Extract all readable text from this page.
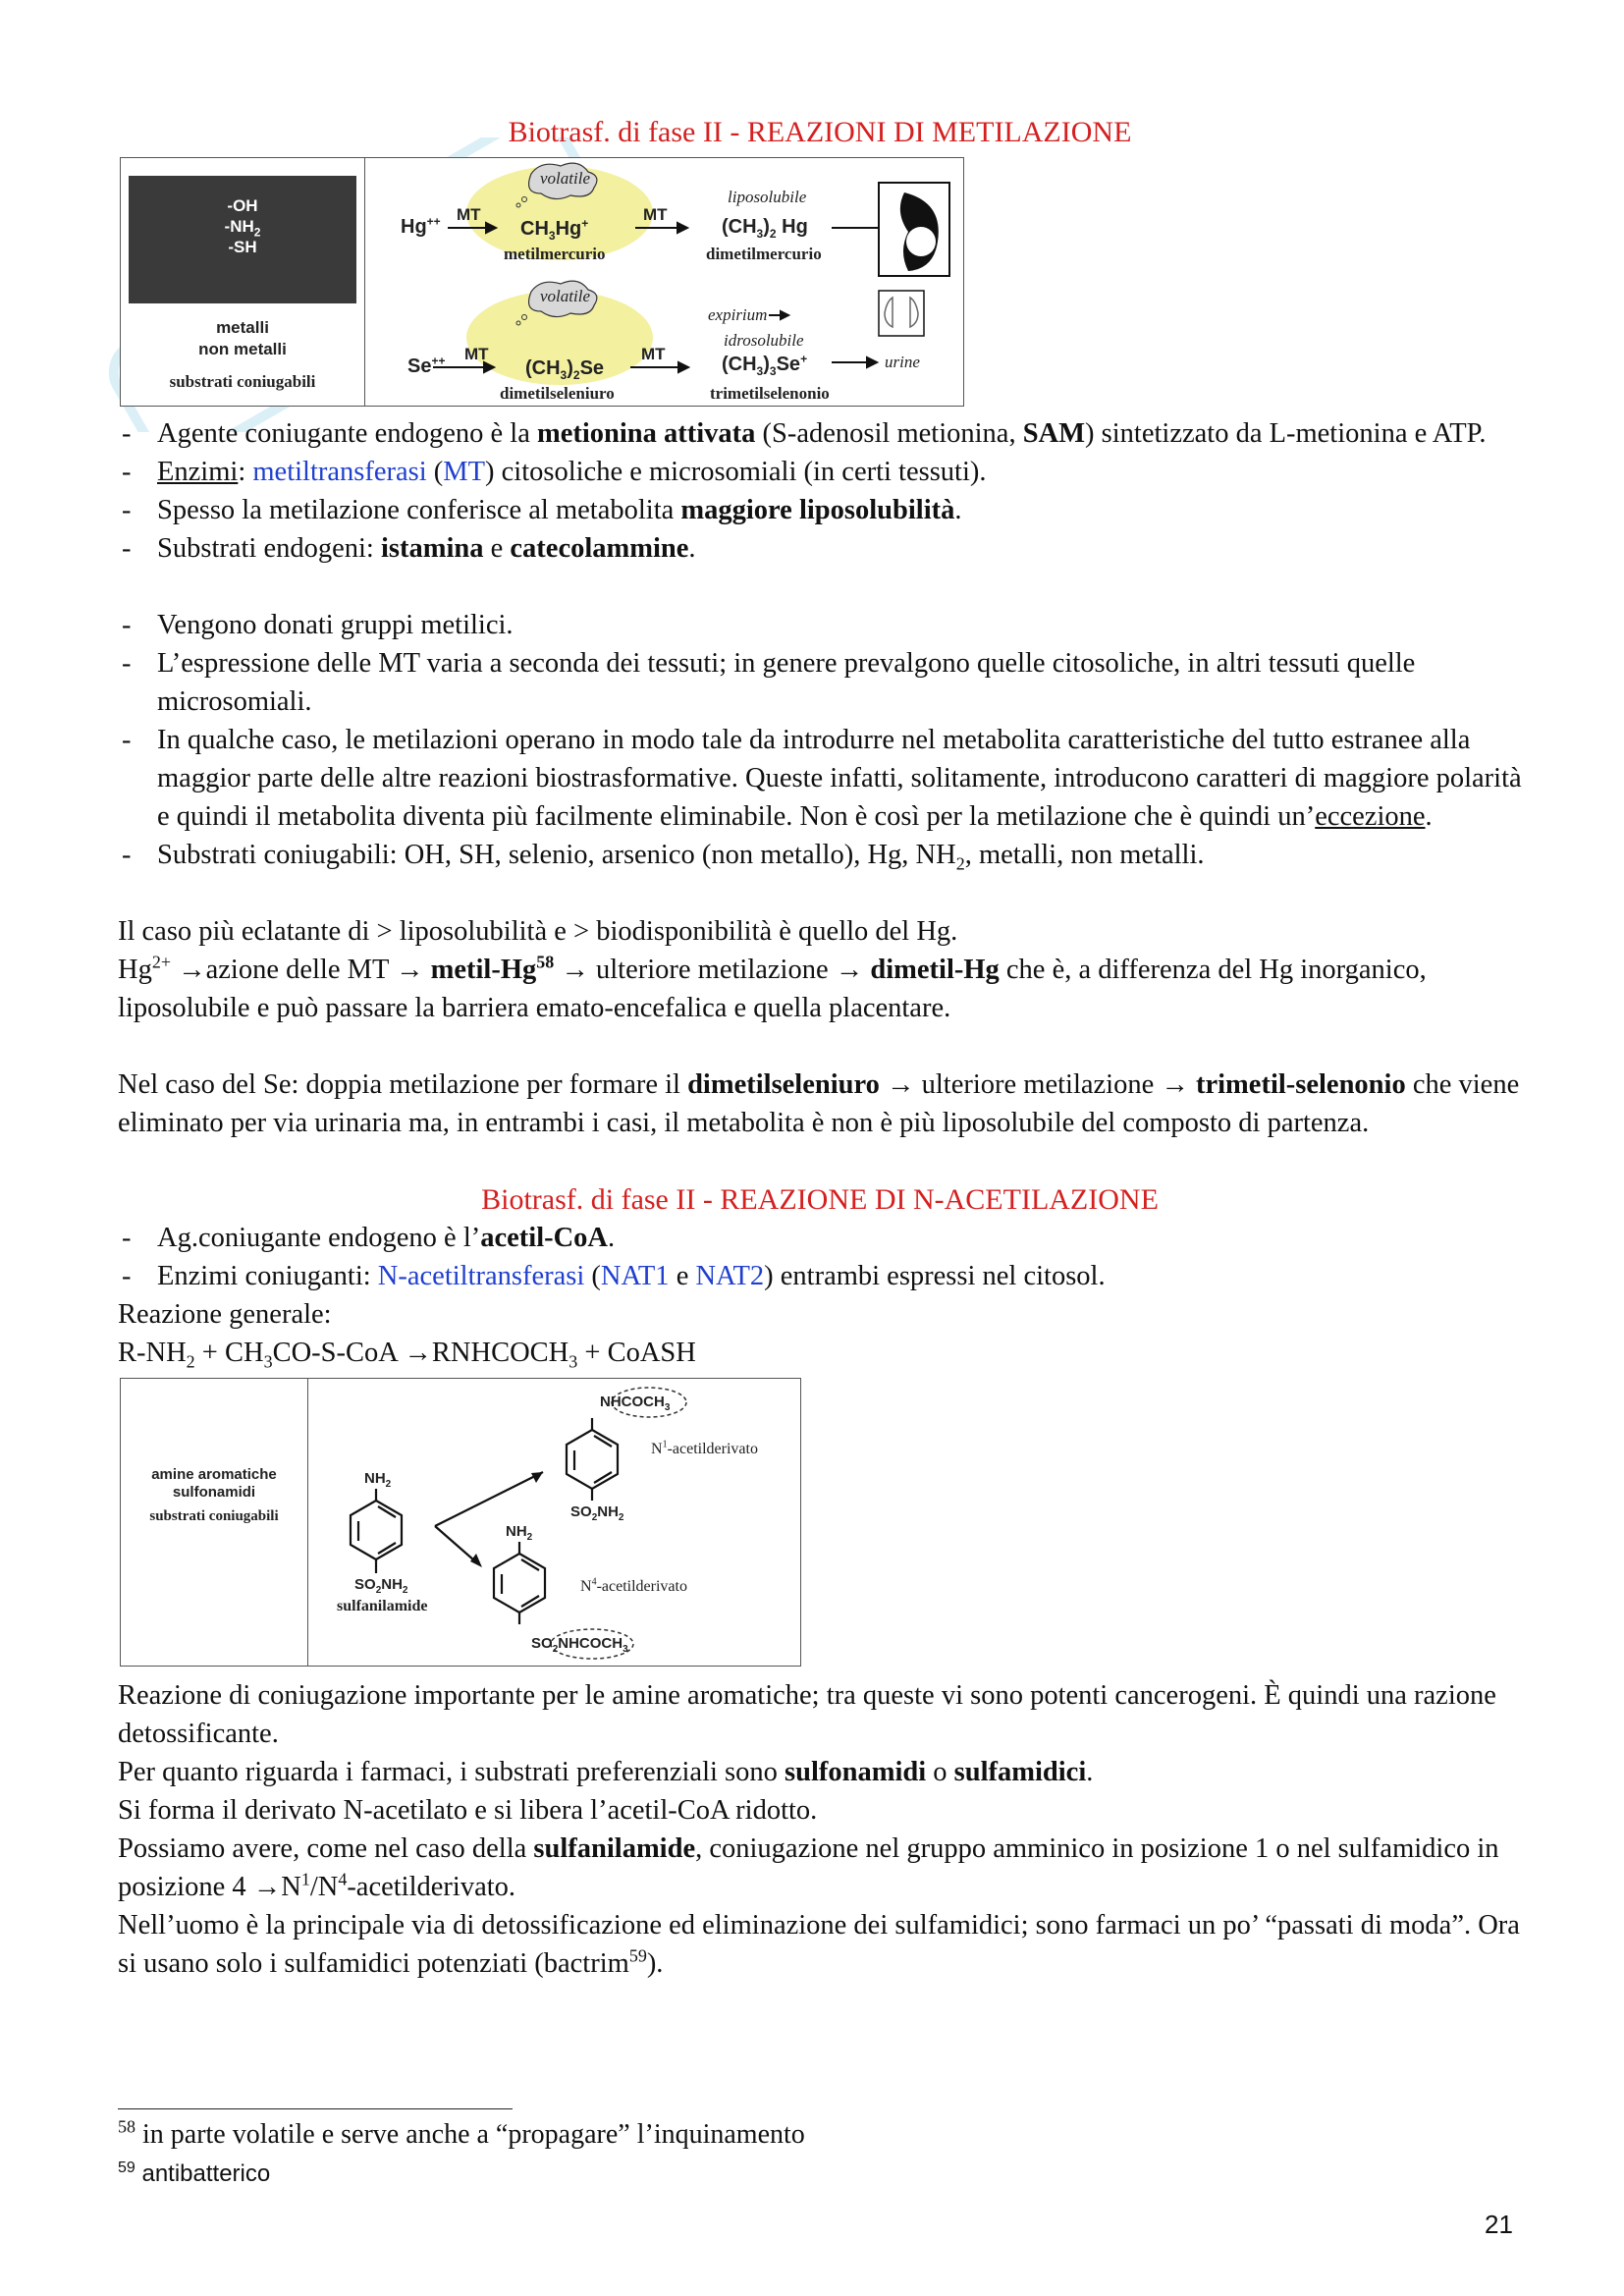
Biotrasf. di fase II - REAZIONI DI METILAZIONE
-OH
$-NH_2$
-SH
metalli
non metalli
substrati coniugabili
Hg++ MT
volatile
$CH_3Hg^+$
metilmercurio
MT
liposolubile
$(CH_3)_2$ Hg
dimetilmercurio
volatile
expirium
idrosolubile
Se++ MT
$(CH_3)_2Se$
dimetilseleniuro
MT	$(CH_3)_3Se^+$	urine
trimetilselenonio
- Agente coniugante endogeno è la metionina attivata (S-adenosil metionina, SAM) sintetizzato da L-metionina e ATP.
- Enzimi: metiltransferasi (MT) citosoliche e microsomiali (in certi tessuti).
- Spesso la metilazione conferisce al metabolita maggiore liposolubilità.
- Substrati endogeni: istamina e catecolammine.
- Vengono donati gruppi metilici.
- L’espressione delle MT varia a seconda dei tessuti; in genere prevalgono quelle citosoliche, in altri tessuti quelle microsomiali.
- In qualche caso, le metilazioni operano in modo tale da introdurre nel metabolita caratteristiche del tutto estranee alla maggior parte delle altre reazioni biostrasformative. Queste infatti, solitamente, introducono caratteri di maggiore polarità e quindi il metabolita diventa più facilmente eliminabile. Non è così per la metilazione che è quindi un’eccezione.
- Substrati coniugabili: OH, SH, selenio, arsenico (non metallo), Hg, $NH_2$, metalli, non metalli.

Il caso più eclatante di > liposolubilità e > biodisponibilità è quello del Hg.

$Hg^{2+}$ →azione delle MT → metil-$Hg^{58}$ → ulteriore metilazione → dimetil-Hg che è, a differenza del Hg inorganico, liposolubile e può passare la barriera emato-encefalica e quella placentare.

Nel caso del Se: doppia metilazione per formare il dimetilseleniuro → ulteriore metilazione → trimetil-selenonio che viene eliminato per via urinaria ma, in entrambi i casi, il metabolita è non è più liposolubile del composto di partenza.

Biotrasf. di fase II - REAZIONE DI N-ACETILAZIONE
- Ag.coniugante endogeno è l’acetil-CoA.
- Enzimi coniuganti: N-acetiltransferasi (NAT1 e NAT2) entrambi espressi nel citosol.

Reazione generale:

$R-NH_2 + CH_3CO-S-CoA$ $\to RNHCOCH_3$ + CoASH

amine aromatiche
sulfonamidi
substrati coniugabili
$NH_2$
$SO_2NH_2$
sulfanilamide
$NHCOCH_3$
$SO_2NH_2$
$N^1$-acetilderivato
$NH_2$
$N^4$-acetilderivato
$SO_2NHCOCH_3$

Reazione di coniugazione importante per le amine aromatiche; tra queste vi sono potenti cancerogeni. È quindi una razione detossificante.

Per quanto riguarda i farmaci, i substrati preferenziali sono sulfonamidi o sulfamidici.

Si forma il derivato N-acetilato e si libera l’acetil-CoA ridotto.

Possiamo avere, come nel caso della sulfanilamide, coniugazione nel gruppo amminico in posizione 1 o nel sulfamidico in posizione $4 \to N^1/N^4$-acetilderivato.

Nell’uomo è la principale via di detossificazione ed eliminazione dei sulfamidici; sono farmaci un po’ “passati di moda”. Ora si usano solo i sulfamidici potenziati (bactrim$^{59}$).

$^{58}$ in parte volatile e serve anche a “propagare” l’inquinamento
$^{59}$ antibatterico
21
